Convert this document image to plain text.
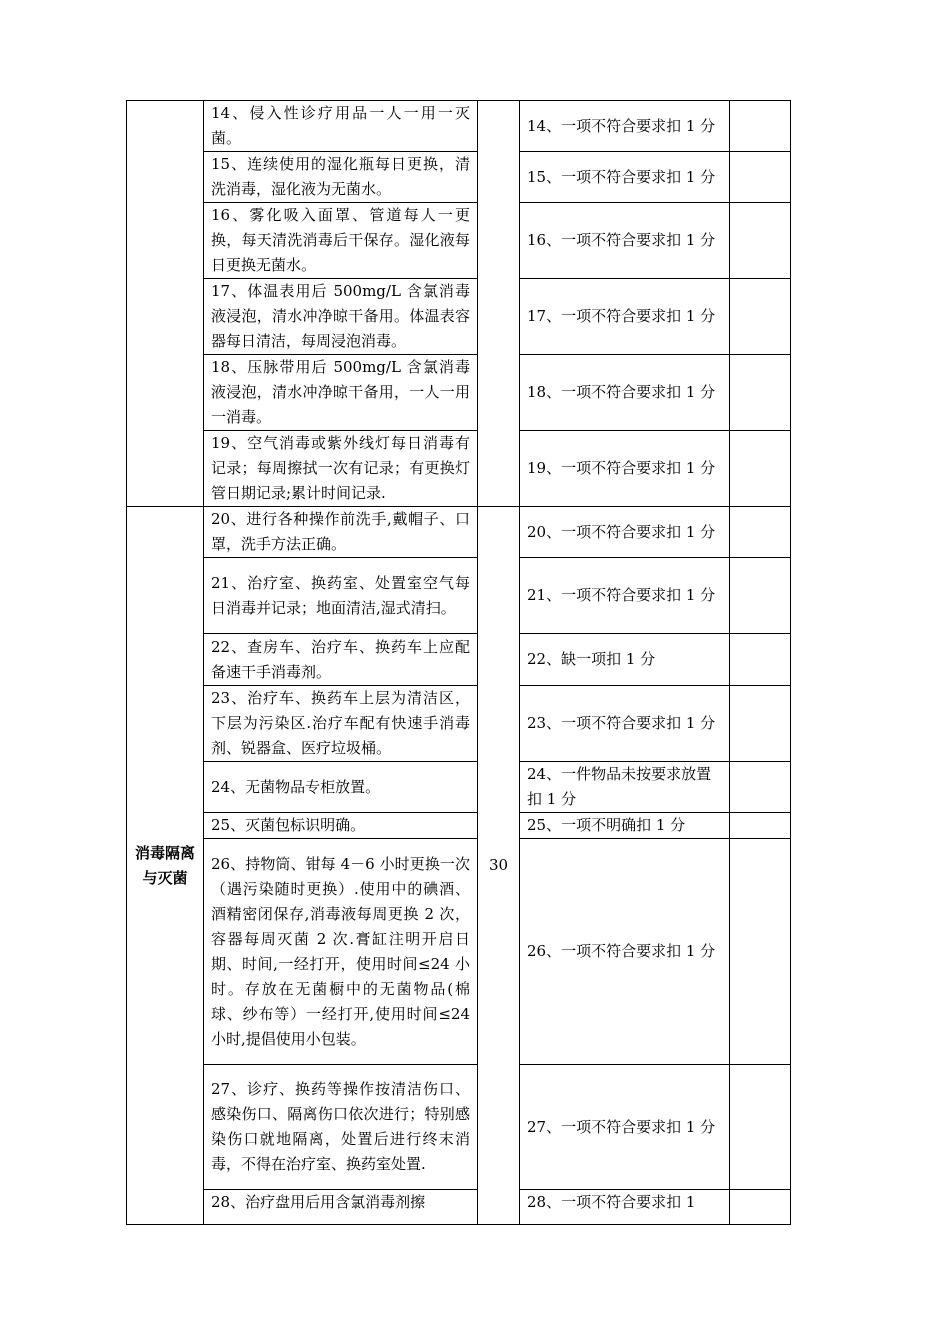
	14、侵入性诊疗用品一人一用一灭菌。		14、一项不符合要求扣 1 分	
	15、连续使用的湿化瓶每日更换，清洗消毒，湿化液为无菌水。		15、一项不符合要求扣 1 分	
	16、雾化吸入面罩、管道每人一更换，每天清洗消毒后干保存。湿化液每日更换无菌水。		16、一项不符合要求扣 1 分	
	17、体温表用后 500mg/L 含氯消毒液浸泡，清水冲净晾干备用。体温表容器每日清洁，每周浸泡消毒。		17、一项不符合要求扣 1 分	
	18、压脉带用后 500mg/L 含氯消毒液浸泡，清水冲净晾干备用，一人一用一消毒。		18、一项不符合要求扣 1 分	
	19、空气消毒或紫外线灯每日消毒有记录；每周擦拭一次有记录；有更换灯管日期记录;累计时间记录.		19、一项不符合要求扣 1 分	
消毒隔离与灭菌	20、进行各种操作前洗手,戴帽子、口罩，洗手方法正确。	30	20、一项不符合要求扣 1 分	
	21、治疗室、换药室、处置室空气每日消毒并记录；地面清洁,湿式清扫。		21、一项不符合要求扣 1 分	
	22、查房车、治疗车、换药车上应配备速干手消毒剂。		22、缺一项扣 1 分	
	23、治疗车、换药车上层为清洁区，下层为污染区.治疗车配有快速手消毒剂、锐器盒、医疗垃圾桶。		23、一项不符合要求扣 1 分	
	24、无菌物品专柜放置。		24、一件物品未按要求放置扣 1 分	
	25、灭菌包标识明确。		25、一项不明确扣 1 分	
	26、持物筒、钳每 4－6 小时更换一次（遇污染随时更换）.使用中的碘酒、酒精密闭保存,消毒液每周更换 2 次，容器每周灭菌 2 次.膏缸注明开启日期、时间,一经打开，使用时间≤24 小时。存放在无菌橱中的无菌物品(棉球、纱布等）一经打开,使用时间≤24 小时,提倡使用小包装。		26、一项不符合要求扣 1 分	
	27、诊疗、换药等操作按清洁伤口、感染伤口、隔离伤口依次进行；特别感染伤口就地隔离，处置后进行终末消毒，不得在治疗室、换药室处置.		27、一项不符合要求扣 1 分	
	28、治疗盘用后用含氯消毒剂擦		28、一项不符合要求扣 1	
